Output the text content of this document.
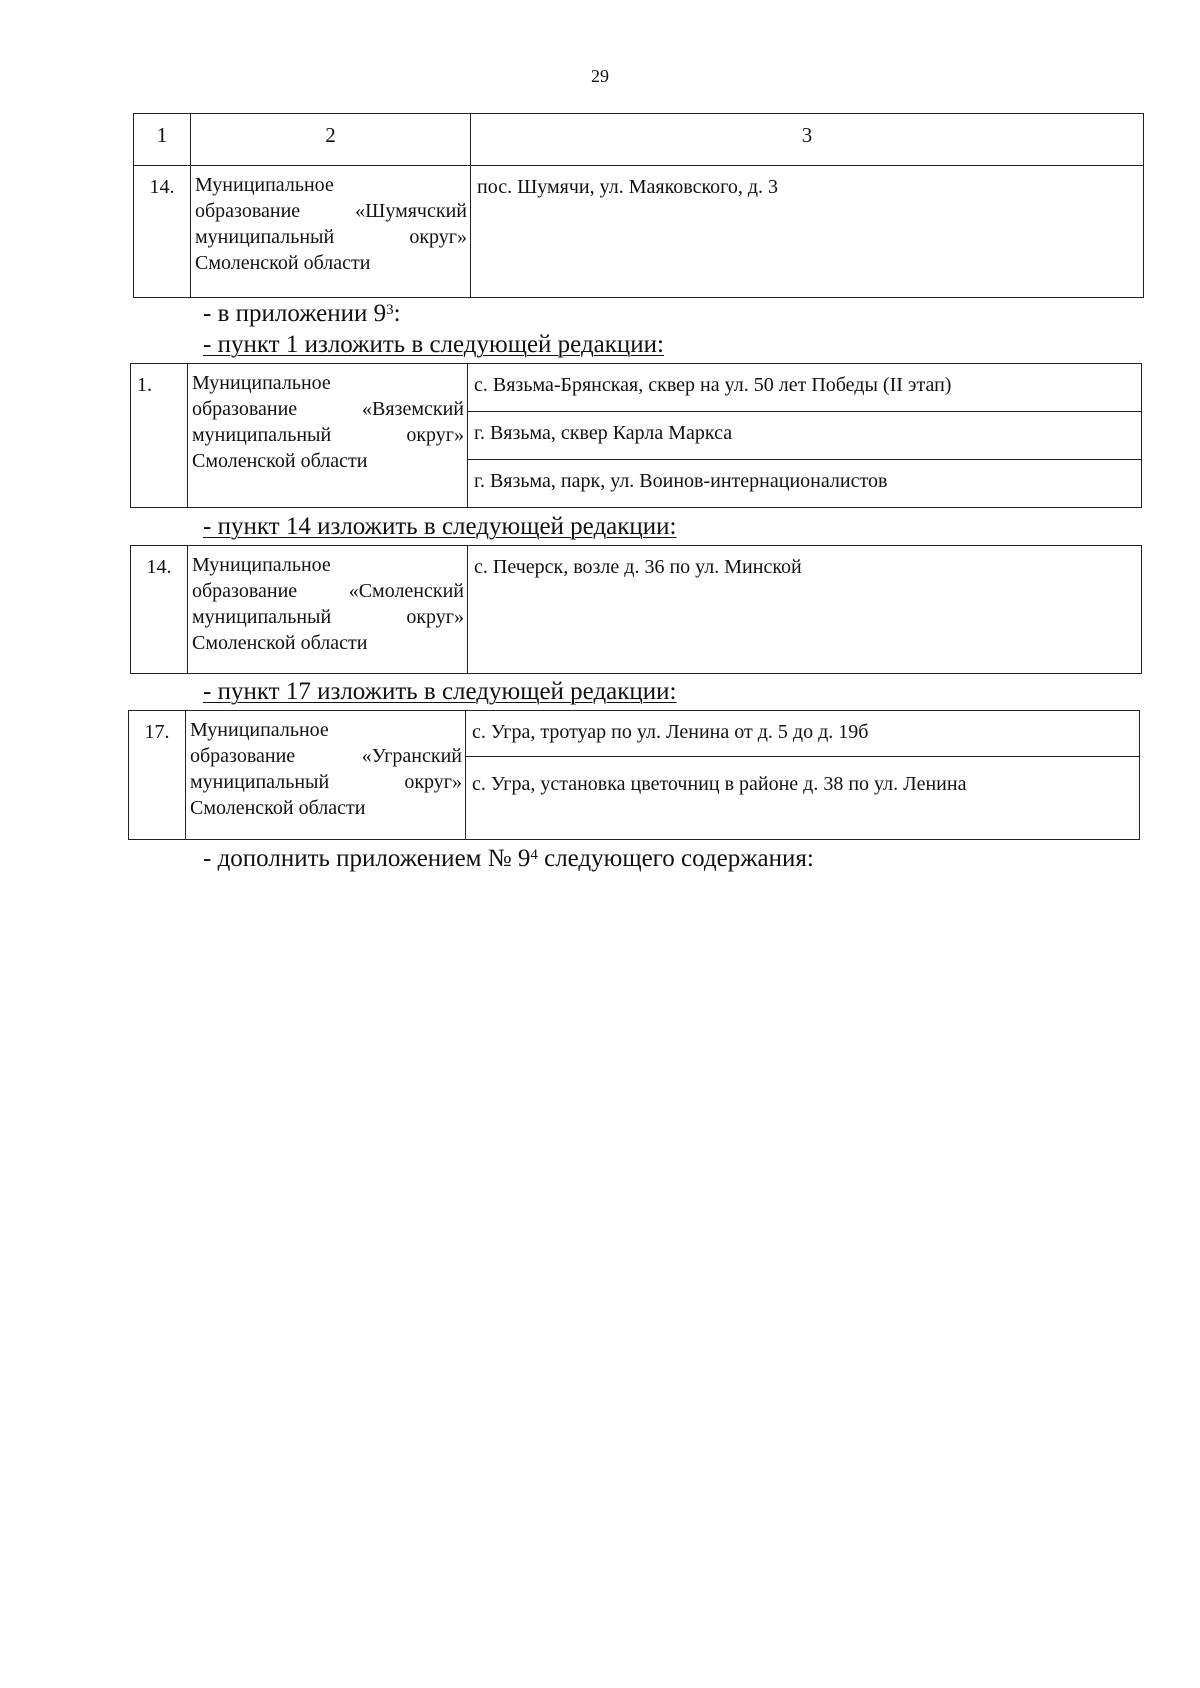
29
1	2	3
14.	Муниципальное
образование «Шумячский
муниципальный округ»
Смоленской области	пос. Шумячи, ул. Маяковского, д. 3
- в приложении $9^3$:
- пункт 1 изложить в следующей редакции:
1.	Муниципальное
образование «Вяземский
муниципальный округ»
Смоленской области
	с. Вязьма-Брянская, сквер на ул. 50 лет Победы (II этап)
г. Вязьма, сквер Карла Маркса
г. Вязьма, парк, ул. Воинов-интернационалистов
- пункт 14 изложить в следующей редакции:
14.	Муниципальное
образование «Смоленский
муниципальный округ»
Смоленской области
	с. Печерск, возле д. 36 по ул. Минской
- пункт 17 изложить в следующей редакции:
17.	Муниципальное
образование «Угранский
муниципальный округ»
Смоленской области
	с. Угра, тротуар по ул. Ленина от д. 5 до д. 19б
с. Угра, установка цветочниц в районе д. 38 по ул. Ленина
- дополнить приложением № $9^4$ следующего содержания:
